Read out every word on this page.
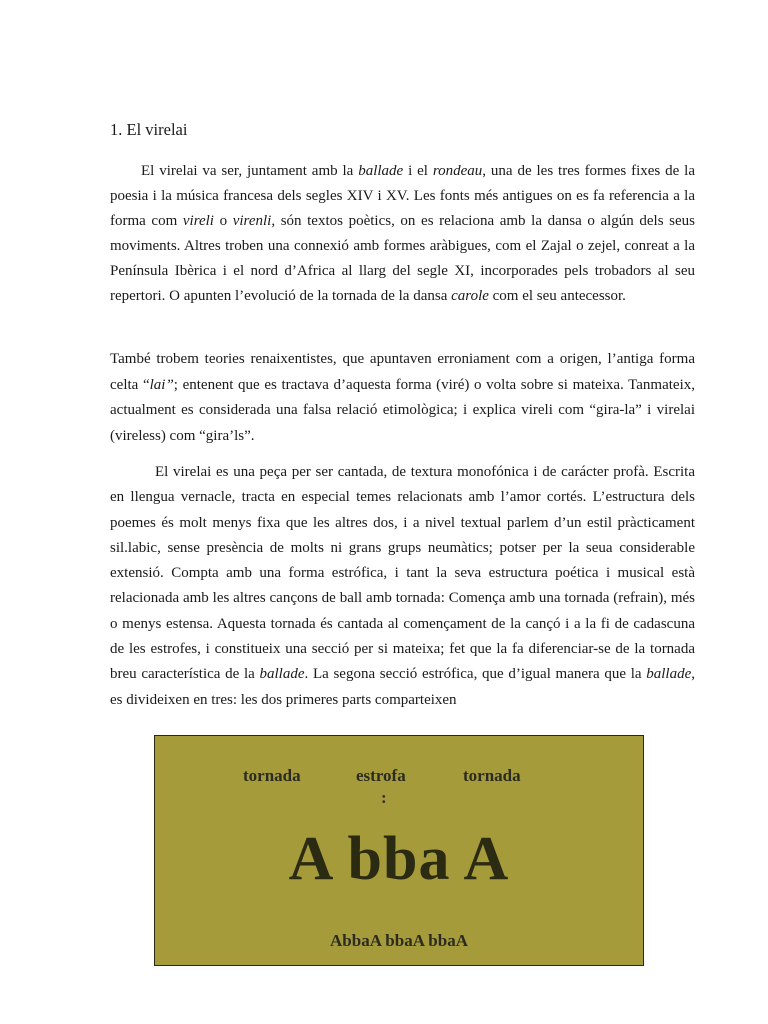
1. El virelai

El virelai va ser, juntament amb la ballade i el rondeau, una de les tres formes fixes de la poesia i la música francesa dels segles XIV i XV. Les fonts més antigues on es fa referencia a la forma com vireli o virenli, són textos poètics, on es relaciona amb la dansa o algún dels seus moviments. Altres troben una connexió amb formes aràbigues, com el Zajal o zejel, conreat a la Península Ibèrica i el nord d’Africa al llarg del segle XI, incorporades pels trobadors al seu repertori. O apunten l’evolució de la tornada de la dansa carole com el seu antecessor.

També trobem teories renaixentistes, que apuntaven erroniament com a origen, l’antiga forma celta “lai”; entenent que es tractava d’aquesta forma (viré) o volta sobre si mateixa. Tanmateix, actualment es considerada una falsa relació etimològica; i explica vireli com “gira-la” i virelai (vireless) com “gira’ls”.

El virelai es una peça per ser cantada, de textura monofónica i de carácter profà. Escrita en llengua vernacle, tracta en especial temes relacionats amb l’amor cortés. L’estructura dels poemes és molt menys fixa que les altres dos, i a nivel textual parlem d’un estil pràcticament sil.labic, sense presència de molts ni grans grups neumàtics; potser per la seua considerable extensió. Compta amb una forma estrófica, i tant la seva estructura poética i musical està relacionada amb les altres cançons de ball amb tornada: Comença amb una tornada (refrain), més o menys estensa. Aquesta tornada és cantada al començament de la cançó i a la fi de cadascuna de les estrofes, i constitueix una secció per si mateixa; fet que la fa diferenciar-se de la tornada breu característica de la ballade. La segona secció estrófica, que d’igual manera que la ballade, es divideixen en tres: les dos primeres parts comparteixen

tornada	estrofa
:
tornada
A bba A
AbbaA bbaA bbaA
